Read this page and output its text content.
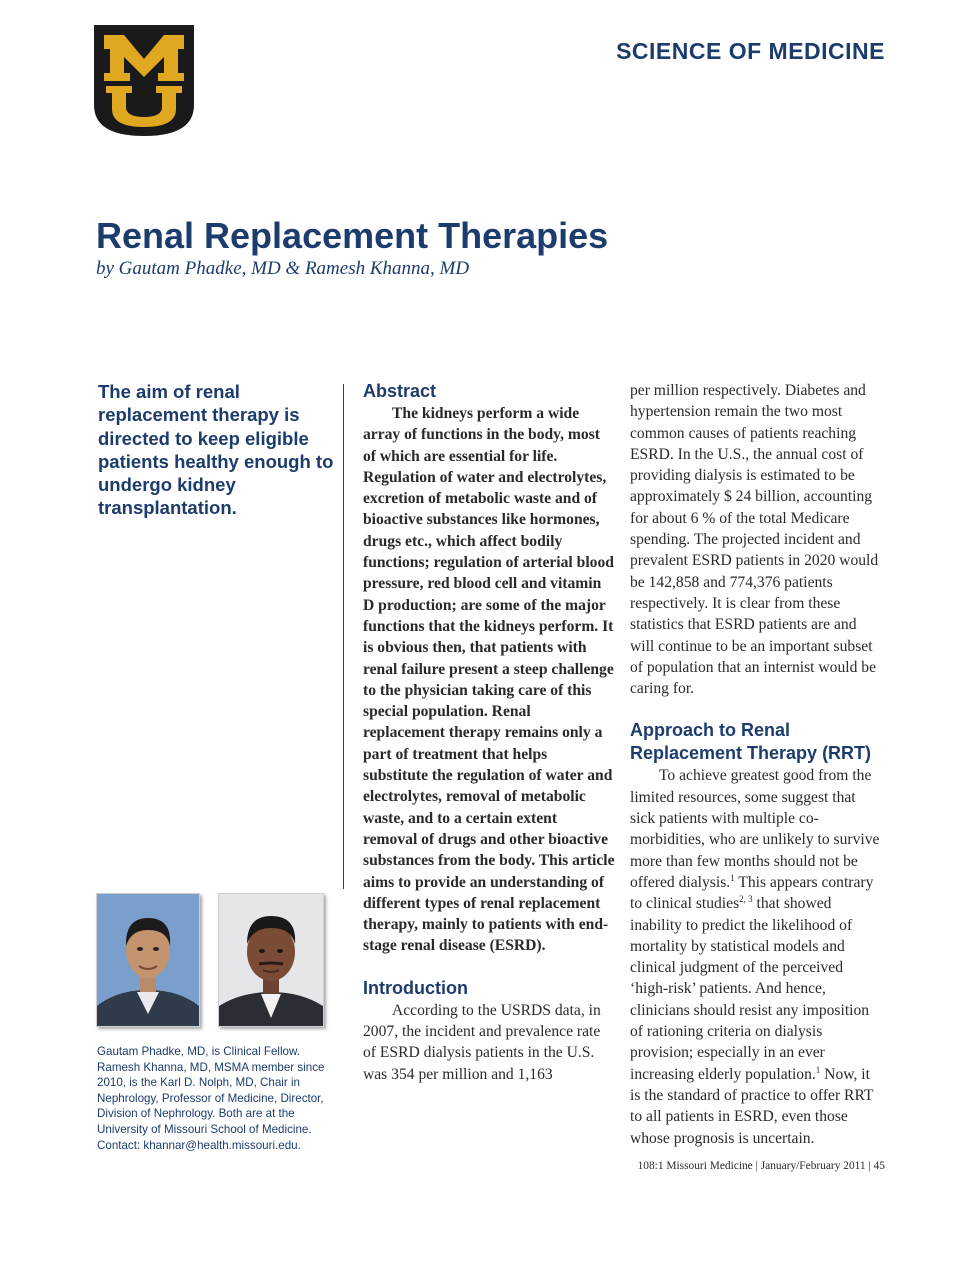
SCIENCE OF MEDICINE
Renal Replacement Therapies
by Gautam Phadke, MD & Ramesh Khanna, MD
The aim of renal replacement therapy is directed to keep eligible patients healthy enough to undergo kidney transplantation.

Gautam Phadke, MD, is Clinical Fellow.

Ramesh Khanna, MD, MSMA member since 2010, is the Karl D. Nolph, MD, Chair in Nephrology, Professor of Medicine, Director, Division of Nephrology. Both are at the University of Missouri School of Medicine.

Contact: khannar@health.missouri.edu.

Abstract

The kidneys perform a wide array of functions in the body, most of which are essential for life. Regulation of water and electrolytes, excretion of metabolic waste and of bioactive substances like hormones, drugs etc., which affect bodily functions; regulation of arterial blood pressure, red blood cell and vitamin D production; are some of the major functions that the kidneys perform. It is obvious then, that patients with renal failure present a steep challenge to the physician taking care of this special population. Renal replacement therapy remains only a part of treatment that helps substitute the regulation of water and electrolytes, removal of metabolic waste, and to a certain extent removal of drugs and other bioactive substances from the body. This article aims to provide an understanding of different types of renal replacement therapy, mainly to patients with end-stage renal disease (ESRD).

Introduction

According to the USRDS data, in 2007, the incident and prevalence rate of ESRD dialysis patients in the U.S. was 354 per million and 1,163

per million respectively. Diabetes and hypertension remain the two most common causes of patients reaching ESRD. In the U.S., the annual cost of providing dialysis is estimated to be approximately $ 24 billion, accounting for about 6 % of the total Medicare spending. The projected incident and prevalent ESRD patients in 2020 would be 142,858 and 774,376 patients respectively. It is clear from these statistics that ESRD patients are and will continue to be an important subset of population that an internist would be caring for.

Approach to Renal Replacement Therapy (RRT)

To achieve greatest good from the limited resources, some suggest that sick patients with multiple co-morbidities, who are unlikely to survive more than few months should not be offered dialysis.$^1$ This appears contrary to clinical studies$^{2, 3}$ that showed inability to predict the likelihood of mortality by statistical models and clinical judgment of the perceived ‘high-risk’ patients. And hence, clinicians should resist any imposition of rationing criteria on dialysis provision; especially in an ever increasing elderly population.$^1$ Now, it is the standard of practice to offer RRT to all patients in ESRD, even those whose prognosis is uncertain.

108:1 Missouri Medicine | January/February 2011 | 45
